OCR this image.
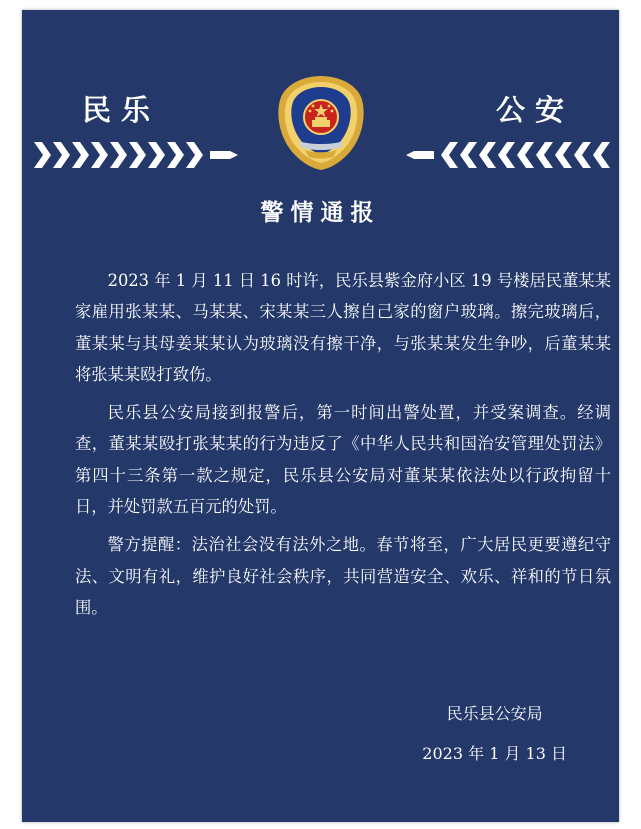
民乐	公安
警情通报

2023 年 1 月 11 日 16 时许，民乐县紫金府小区 19 号楼居民董某某家雇用张某某、马某某、宋某某三人擦自己家的窗户玻璃。擦完玻璃后，董某某与其母姜某某认为玻璃没有擦干净，与张某某发生争吵，后董某某将张某某殴打致伤。

民乐县公安局接到报警后，第一时间出警处置，并受案调查。经调查，董某某殴打张某某的行为违反了《中华人民共和国治安管理处罚法》第四十三条第一款之规定，民乐县公安局对董某某依法处以行政拘留十日，并处罚款五百元的处罚。

警方提醒：法治社会没有法外之地。春节将至，广大居民更要遵纪守法、文明有礼，维护良好社会秩序，共同营造安全、欢乐、祥和的节日氛围。

民乐县公安局
2023 年 1 月 13 日
